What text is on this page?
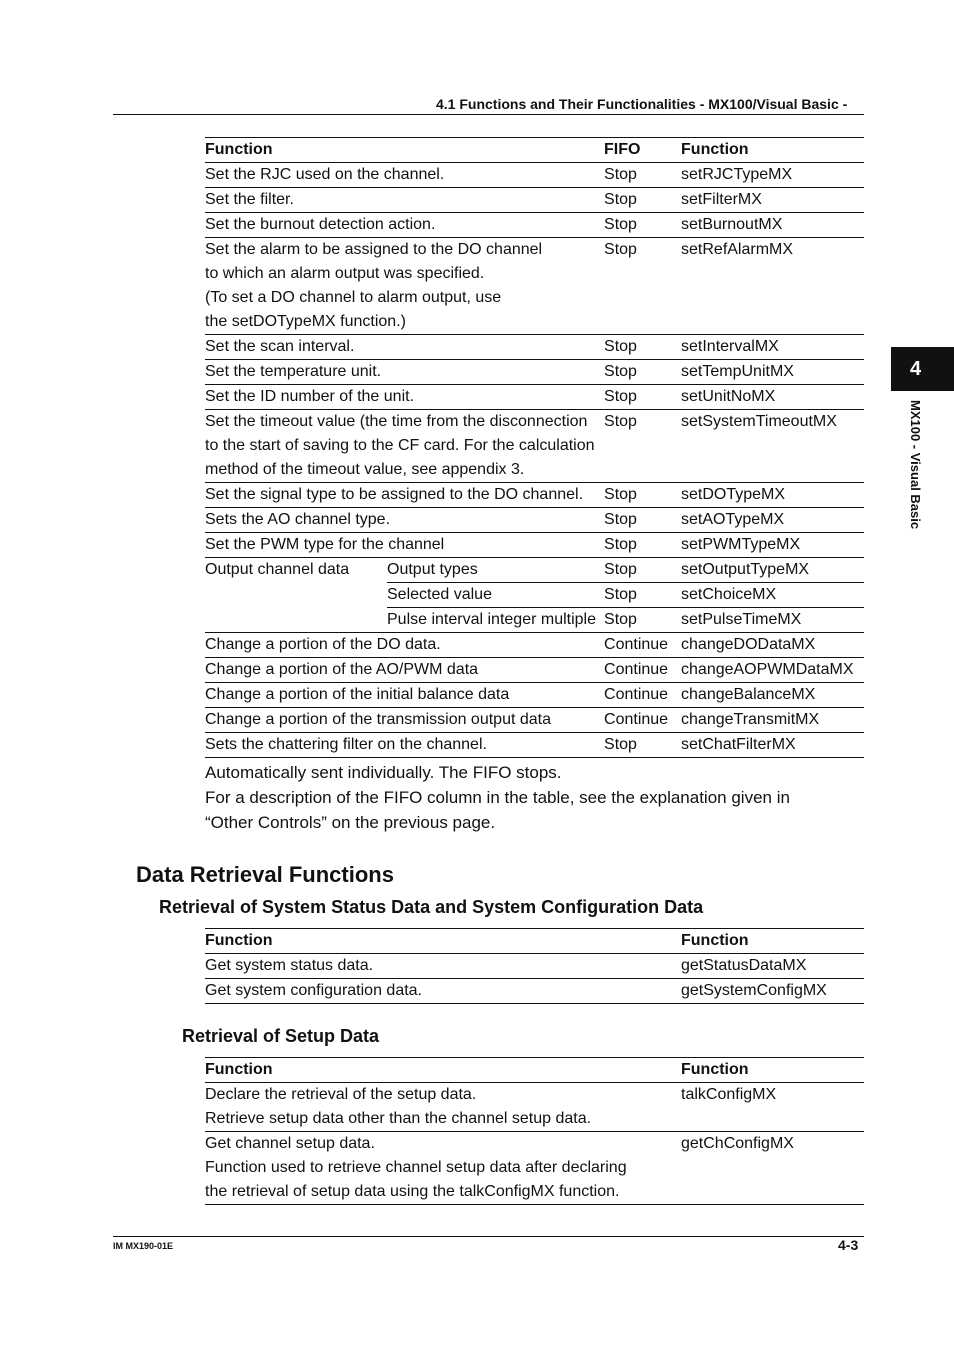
4.1 Functions and Their Functionalities - MX100/Visual Basic -
4
MX100 - Visual Basic
Function		FIFO	Function
Set the RJC used on the channel.		Stop	setRJCTypeMX
Set the filter.		Stop	setFilterMX
Set the burnout detection action.		Stop	setBurnoutMX
Set the alarm to be assigned to the DO channel		Stop	setRefAlarmMX
to which an alarm output was specified.			
(To set a DO channel to alarm output, use			
the setDOTypeMX function.)			
Set the scan interval.		Stop	setIntervalMX
Set the temperature unit.		Stop	setTempUnitMX
Set the ID number of the unit.		Stop	setUnitNoMX
Set the timeout value (the time from the disconnection		Stop	setSystemTimeoutMX
to the start of saving to the CF card. For the calculation			
method of the timeout value, see appendix 3.			
Set the signal type to be assigned to the DO channel.		Stop	setDOTypeMX
Sets the AO channel type.		Stop	setAOTypeMX
Set the PWM type for the channel		Stop	setPWMTypeMX
Output channel data	Output types	Stop	setOutputTypeMX
	Selected value	Stop	setChoiceMX
	Pulse interval integer multiple	Stop	setPulseTimeMX
Change a portion of the DO data.		Continue	changeDODataMX
Change a portion of the AO/PWM data		Continue	changeAOPWMDataMX
Change a portion of the initial balance data		Continue	changeBalanceMX
Change a portion of the transmission output data		Continue	changeTransmitMX
Sets the chattering filter on the channel.		Stop	setChatFilterMX
Automatically sent individually. The FIFO stops.
For a description of the FIFO column in the table, see the explanation given in
“Other Controls” on the previous page.
Data Retrieval Functions
Retrieval of System Status Data and System Configuration Data
Function	Function
Get system status data.	getStatusDataMX
Get system configuration data.	getSystemConfigMX
Retrieval of Setup Data
Function	Function
Declare the retrieval of the setup data.	talkConfigMX
Retrieve setup data other than the channel setup data.	
Get channel setup data.	getChConfigMX
Function used to retrieve channel setup data after declaring	
the retrieval of setup data using the talkConfigMX function.	
IM MX190-01E	4-3
